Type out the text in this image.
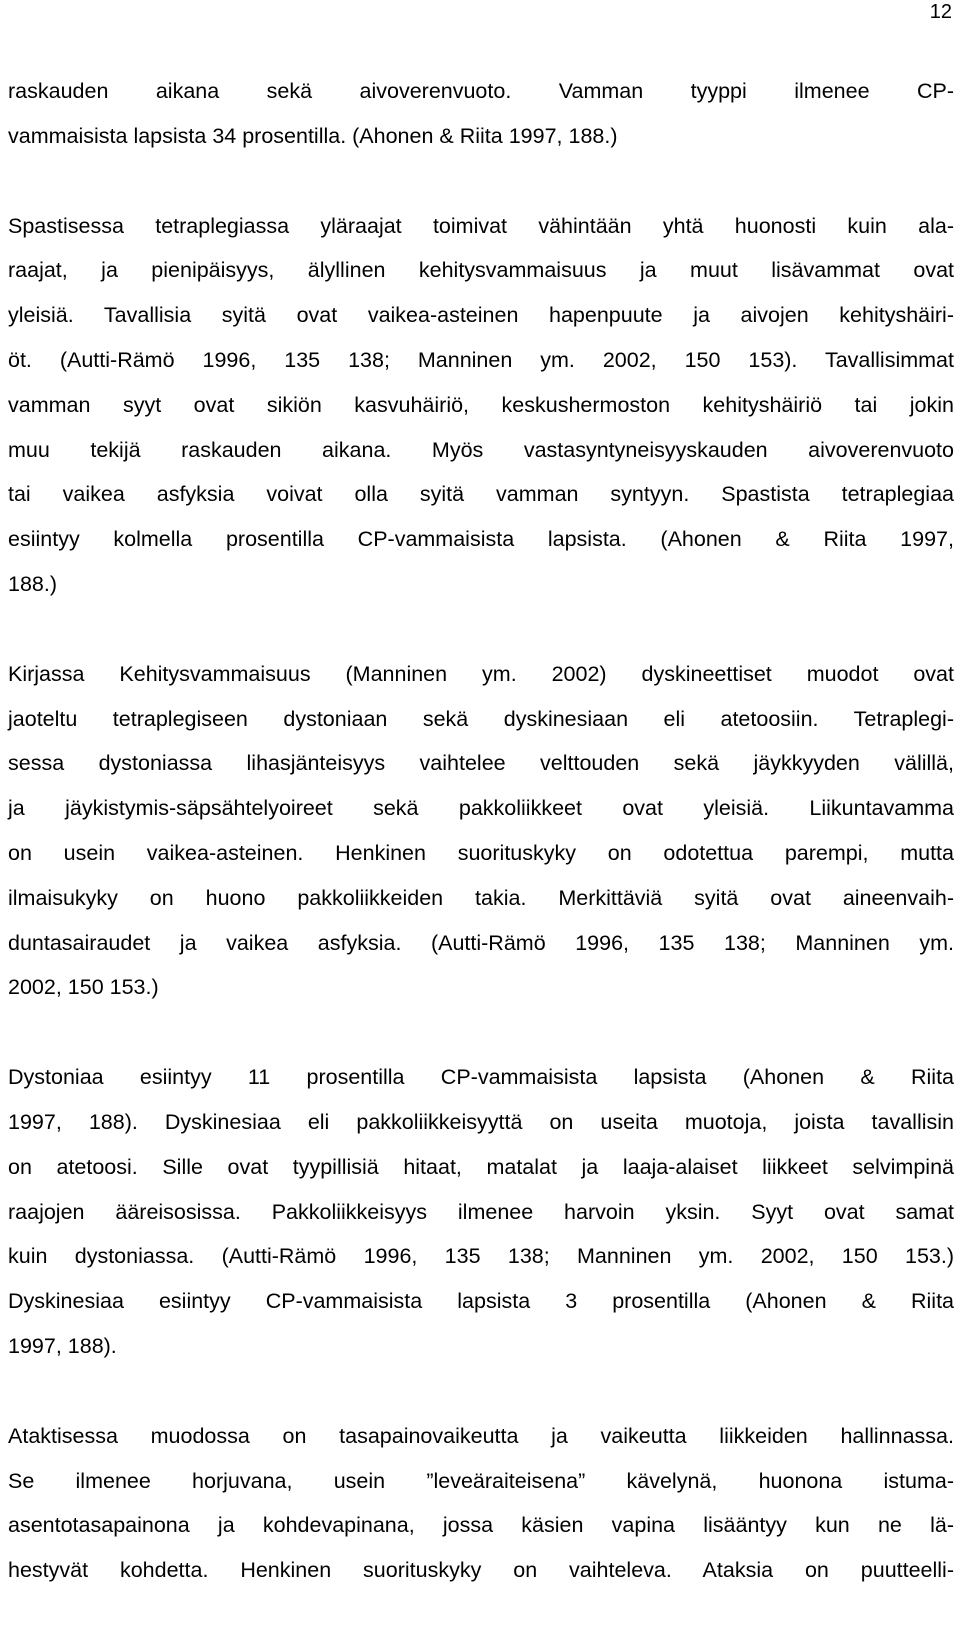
12
raskauden aikana sekä aivoverenvuoto. Vamman tyyppi ilmenee CP-
vammaisista lapsista 34 prosentilla. (Ahonen & Riita 1997, 188.)
Spastisessa tetraplegiassa yläraajat toimivat vähintään yhtä huonosti kuin ala-
raajat, ja pienipäisyys, älyllinen kehitysvammaisuus ja muut lisävammat ovat
yleisiä. Tavallisia syitä ovat vaikea-asteinen hapenpuute ja aivojen kehityshäiri-
öt. (Autti-Rämö 1996, 135 138; Manninen ym. 2002, 150 153). Tavallisimmat
vamman syyt ovat sikiön kasvuhäiriö, keskushermoston kehityshäiriö tai jokin
muu tekijä raskauden aikana. Myös vastasyntyneisyyskauden aivoverenvuoto
tai vaikea asfyksia voivat olla syitä vamman syntyyn. Spastista tetraplegiaa
esiintyy kolmella prosentilla CP-vammaisista lapsista. (Ahonen & Riita 1997,
188.)
Kirjassa Kehitysvammaisuus (Manninen ym. 2002) dyskineettiset muodot ovat
jaoteltu tetraplegiseen dystoniaan sekä dyskinesiaan eli atetoosiin. Tetraplegi-
sessa dystoniassa lihasjänteisyys vaihtelee velttouden sekä jäykkyyden välillä,
ja jäykistymis-säpsähtelyoireet sekä pakkoliikkeet ovat yleisiä. Liikuntavamma
on usein vaikea-asteinen. Henkinen suorituskyky on odotettua parempi, mutta
ilmaisukyky on huono pakkoliikkeiden takia. Merkittäviä syitä ovat aineenvaih-
duntasairaudet ja vaikea asfyksia. (Autti-Rämö 1996, 135 138; Manninen ym.
2002, 150 153.)
Dystoniaa esiintyy 11 prosentilla CP-vammaisista lapsista (Ahonen & Riita
1997, 188). Dyskinesiaa eli pakkoliikkeisyyttä on useita muotoja, joista tavallisin
on atetoosi. Sille ovat tyypillisiä hitaat, matalat ja laaja-alaiset liikkeet selvimpinä
raajojen ääreisosissa. Pakkoliikkeisyys ilmenee harvoin yksin. Syyt ovat samat
kuin dystoniassa. (Autti-Rämö 1996, 135 138; Manninen ym. 2002, 150 153.)
Dyskinesiaa esiintyy CP-vammaisista lapsista 3 prosentilla (Ahonen & Riita
1997, 188).
Ataktisessa muodossa on tasapainovaikeutta ja vaikeutta liikkeiden hallinnassa.
Se ilmenee horjuvana, usein ”leveäraiteisena” kävelynä, huonona istuma-
asentotasapainona ja kohdevapinana, jossa käsien vapina lisääntyy kun ne lä-
hestyvät kohdetta. Henkinen suorituskyky on vaihteleva. Ataksia on puutteelli-
